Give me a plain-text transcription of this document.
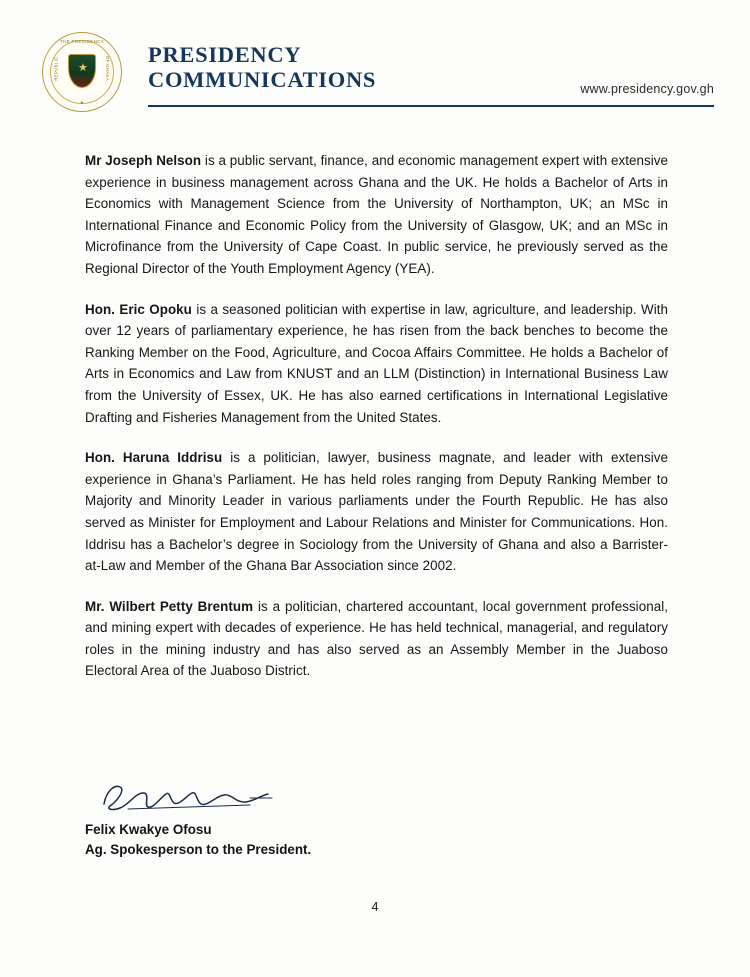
THE PRESIDENCY
REPUBLIC	OF GHANA
★
★
PRESIDENCY
COMMUNICATIONS	www.presidency.gov.gh

Mr Joseph Nelson is a public servant, finance, and economic management expert with extensive experience in business management across Ghana and the UK. He holds a Bachelor of Arts in Economics with Management Science from the University of Northampton, UK; an MSc in International Finance and Economic Policy from the University of Glasgow, UK; and an MSc in Microfinance from the University of Cape Coast. In public service, he previously served as the Regional Director of the Youth Employment Agency (YEA).

Hon. Eric Opoku is a seasoned politician with expertise in law, agriculture, and leadership. With over 12 years of parliamentary experience, he has risen from the back benches to become the Ranking Member on the Food, Agriculture, and Cocoa Affairs Committee. He holds a Bachelor of Arts in Economics and Law from KNUST and an LLM (Distinction) in International Business Law from the University of Essex, UK. He has also earned certifications in International Legislative Drafting and Fisheries Management from the United States.

Hon. Haruna Iddrisu is a politician, lawyer, business magnate, and leader with extensive experience in Ghana’s Parliament. He has held roles ranging from Deputy Ranking Member to Majority and Minority Leader in various parliaments under the Fourth Republic. He has also served as Minister for Employment and Labour Relations and Minister for Communications. Hon. Iddrisu has a Bachelor’s degree in Sociology from the University of Ghana and also a Barrister-at-Law and Member of the Ghana Bar Association since 2002.

Mr. Wilbert Petty Brentum is a politician, chartered accountant, local government professional, and mining expert with decades of experience. He has held technical, managerial, and regulatory roles in the mining industry and has also served as an Assembly Member in the Juaboso Electoral Area of the Juaboso District.

Felix Kwakye Ofosu
Ag. Spokesperson to the President.
4
